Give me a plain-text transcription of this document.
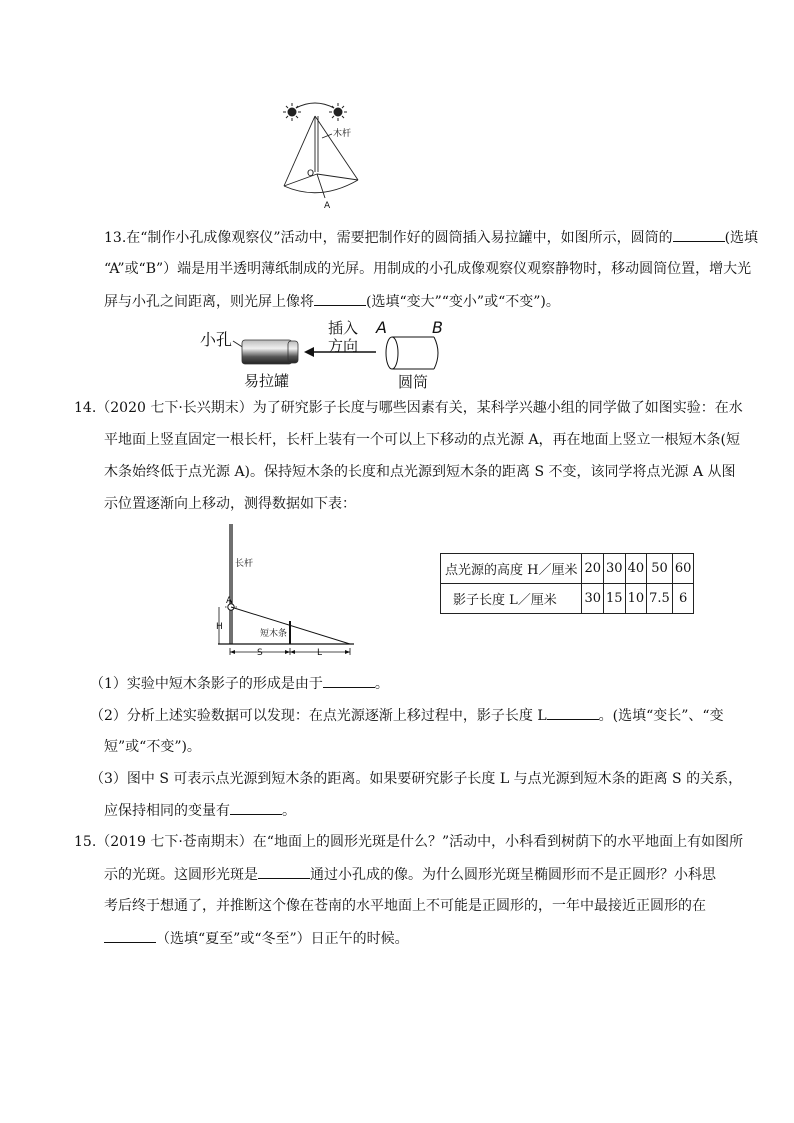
木杆
O
A
13.在“制作小孔成像观察仪”活动中，需要把制作好的圆筒插入易拉罐中，如图所示，圆筒的	(选填
“A”或“B”）端是用半透明薄纸制成的光屏。用制成的小孔成像观察仪观察静物时，移动圆筒位置，增大光
屏与小孔之间距离，则光屏上像将	(选填“变大”“变小”或“不变”)。
小孔
易拉罐
插入
方向
A	B
圆筒
14.（2020 七下·长兴期末）为了研究影子长度与哪些因素有关，某科学兴趣小组的同学做了如图实验：在水
平地面上竖直固定一根长杆，长杆上装有一个可以上下移动的点光源 A，再在地面上竖立一根短木条(短
木条始终低于点光源 A)。保持短木条的长度和点光源到短木条的距离 S 不变，该同学将点光源 A 从图
示位置逐渐向上移动，测得数据如下表：
长杆
A
短木条
H
S	L
点光源的高度 H／厘米	20	30	40	50	60
影子长度 L／厘米	30	15	10	7.5	6
（1）实验中短木条影子的形成是由于	。
（2）分析上述实验数据可以发现：在点光源逐渐上移过程中，影子长度 L	。(选填“变长”、“变
短”或“不变”)。
（3）图中 S 可表示点光源到短木条的距离。如果要研究影子长度 L 与点光源到短木条的距离 S 的关系，
应保持相同的变量有	。
15.（2019 七下·苍南期末）在“地面上的圆形光斑是什么？”活动中，小科看到树荫下的水平地面上有如图所
示的光斑。这圆形光斑是	通过小孔成的像。为什么圆形光斑呈椭圆形而不是正圆形？小科思
考后终于想通了，并推断这个像在苍南的水平地面上不可能是正圆形的，一年中最接近正圆形的在
（选填“夏至”或“冬至”）日正午的时候。
